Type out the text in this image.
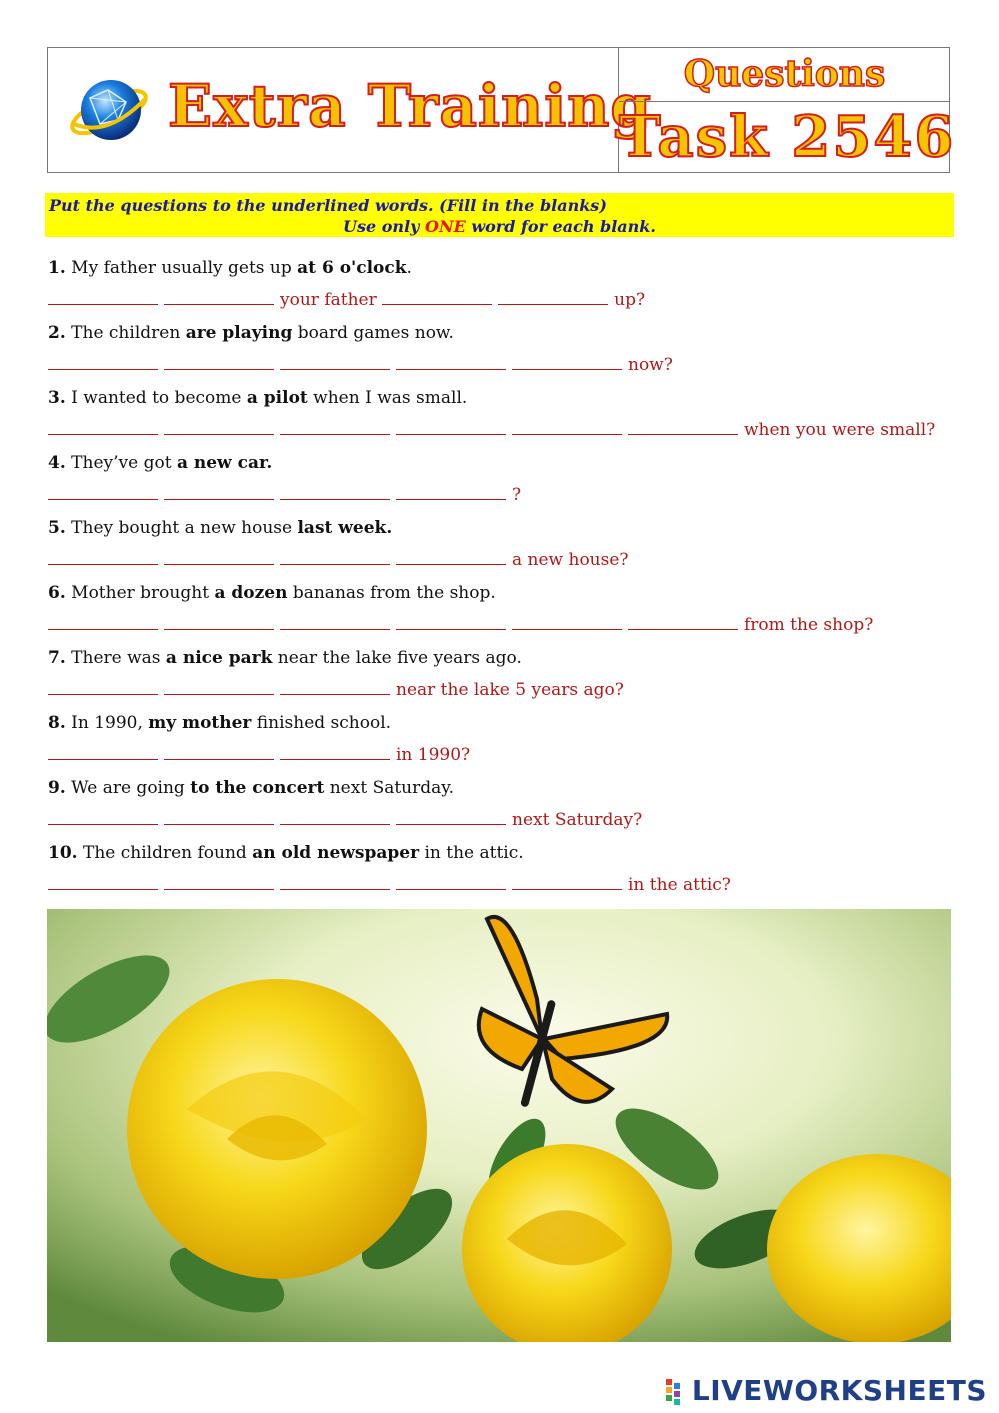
Extra Training Questions
Task 2546
Put the questions to the underlined words. (Fill in the blanks)
Use only ONE word for each blank.
1. My father usually gets up at 6 o'clock.
your father	up?
2. The children are playing board games now.
now?
3. I wanted to become a pilot when I was small.
when you were small?
4. They’ve got a new car.
?
5. They bought a new house last week.
a new house?
6. Mother brought a dozen bananas from the shop.
from the shop?
7. There was a nice park near the lake five years ago.
near the lake 5 years ago?
8. In 1990, my mother finished school.
in 1990?
9. We are going to the concert next Saturday.
next Saturday?
10. The children found an old newspaper in the attic.
in the attic?
LIVEWORKSHEETS
